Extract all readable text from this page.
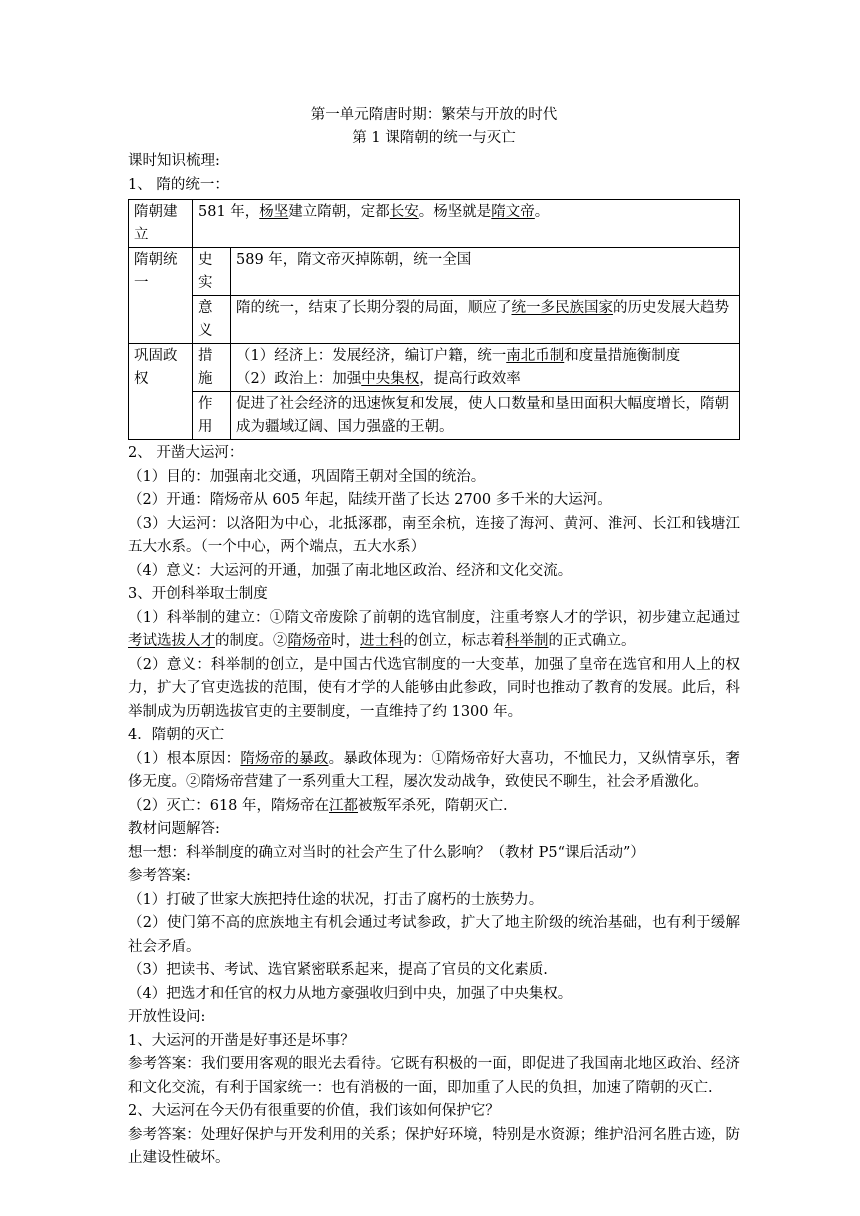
第一单元隋唐时期：繁荣与开放的时代
第 1 课隋朝的统一与灭亡
课时知识梳理:
1、 隋的统一：
隋朝建立	581 年，杨坚建立隋朝，定都长安。杨坚就是隋文帝。	
隋朝统一	史实	589 年，隋文帝灭掉陈朝，统一全国
	意义	隋的统一，结束了长期分裂的局面，顺应了统一多民族国家的历史发展大趋势
巩固政权	措施	（1）经济上：发展经济，编订户籍，统一南北币制和度量措施衡制度
（2）政治上：加强中央集权，提高行政效率

	作用	促进了社会经济的迅速恢复和发展，使人口数量和垦田面积大幅度增长，隋朝成为疆域辽阔、国力强盛的王朝。
2、 开凿大运河：
（1）目的：加强南北交通，巩固隋王朝对全国的统治。
（2）开通：隋炀帝从 605 年起，陆续开凿了长达 2700 多千米的大运河。
（3）大运河：以洛阳为中心，北抵涿郡，南至余杭，连接了海河、黄河、淮河、长江和钱塘江五大水系。（一个中心，两个端点，五大水系）
（4）意义：大运河的开通，加强了南北地区政治、经济和文化交流。
3、开创科举取士制度
（1）科举制的建立：①隋文帝废除了前朝的选官制度，注重考察人才的学识，初步建立起通过考试选拔人才的制度。②隋炀帝时，进士科的创立，标志着科举制的正式确立。
（2）意义：科举制的创立，是中国古代选官制度的一大变革，加强了皇帝在选官和用人上的权力，扩大了官吏选拔的范围，使有才学的人能够由此参政，同时也推动了教育的发展。此后，科举制成为历朝选拔官吏的主要制度，一直维持了约 1300 年。
4．隋朝的灭亡
（1）根本原因：隋炀帝的暴政。暴政体现为：①隋炀帝好大喜功，不恤民力，又纵情享乐，奢侈无度。②隋炀帝营建了一系列重大工程，屡次发动战争，致使民不聊生，社会矛盾激化。
（2）灭亡：618 年，隋炀帝在江都被叛军杀死，隋朝灭亡.
教材问题解答:
想一想：科举制度的确立对当时的社会产生了什么影响？（教材 P5“课后活动”）
参考答案:
（1）打破了世家大族把持仕途的状况，打击了腐朽的士族势力。
（2）使门第不高的庶族地主有机会通过考试参政，扩大了地主阶级的统治基础，也有利于缓解社会矛盾。
（3）把读书、考试、选官紧密联系起来，提高了官员的文化素质.
（4）把选才和任官的权力从地方豪强收归到中央，加强了中央集权。
开放性设问:
1、大运河的开凿是好事还是坏事？
参考答案：我们要用客观的眼光去看待。它既有积极的一面，即促进了我国南北地区政治、经济和文化交流，有利于国家统一：也有消极的一面，即加重了人民的负担，加速了隋朝的灭亡.
2、大运河在今天仍有很重要的价值，我们该如何保护它？
参考答案：处理好保护与开发利用的关系；保护好环境，特别是水资源；维护沿河名胜古迹，防止建设性破坏。
